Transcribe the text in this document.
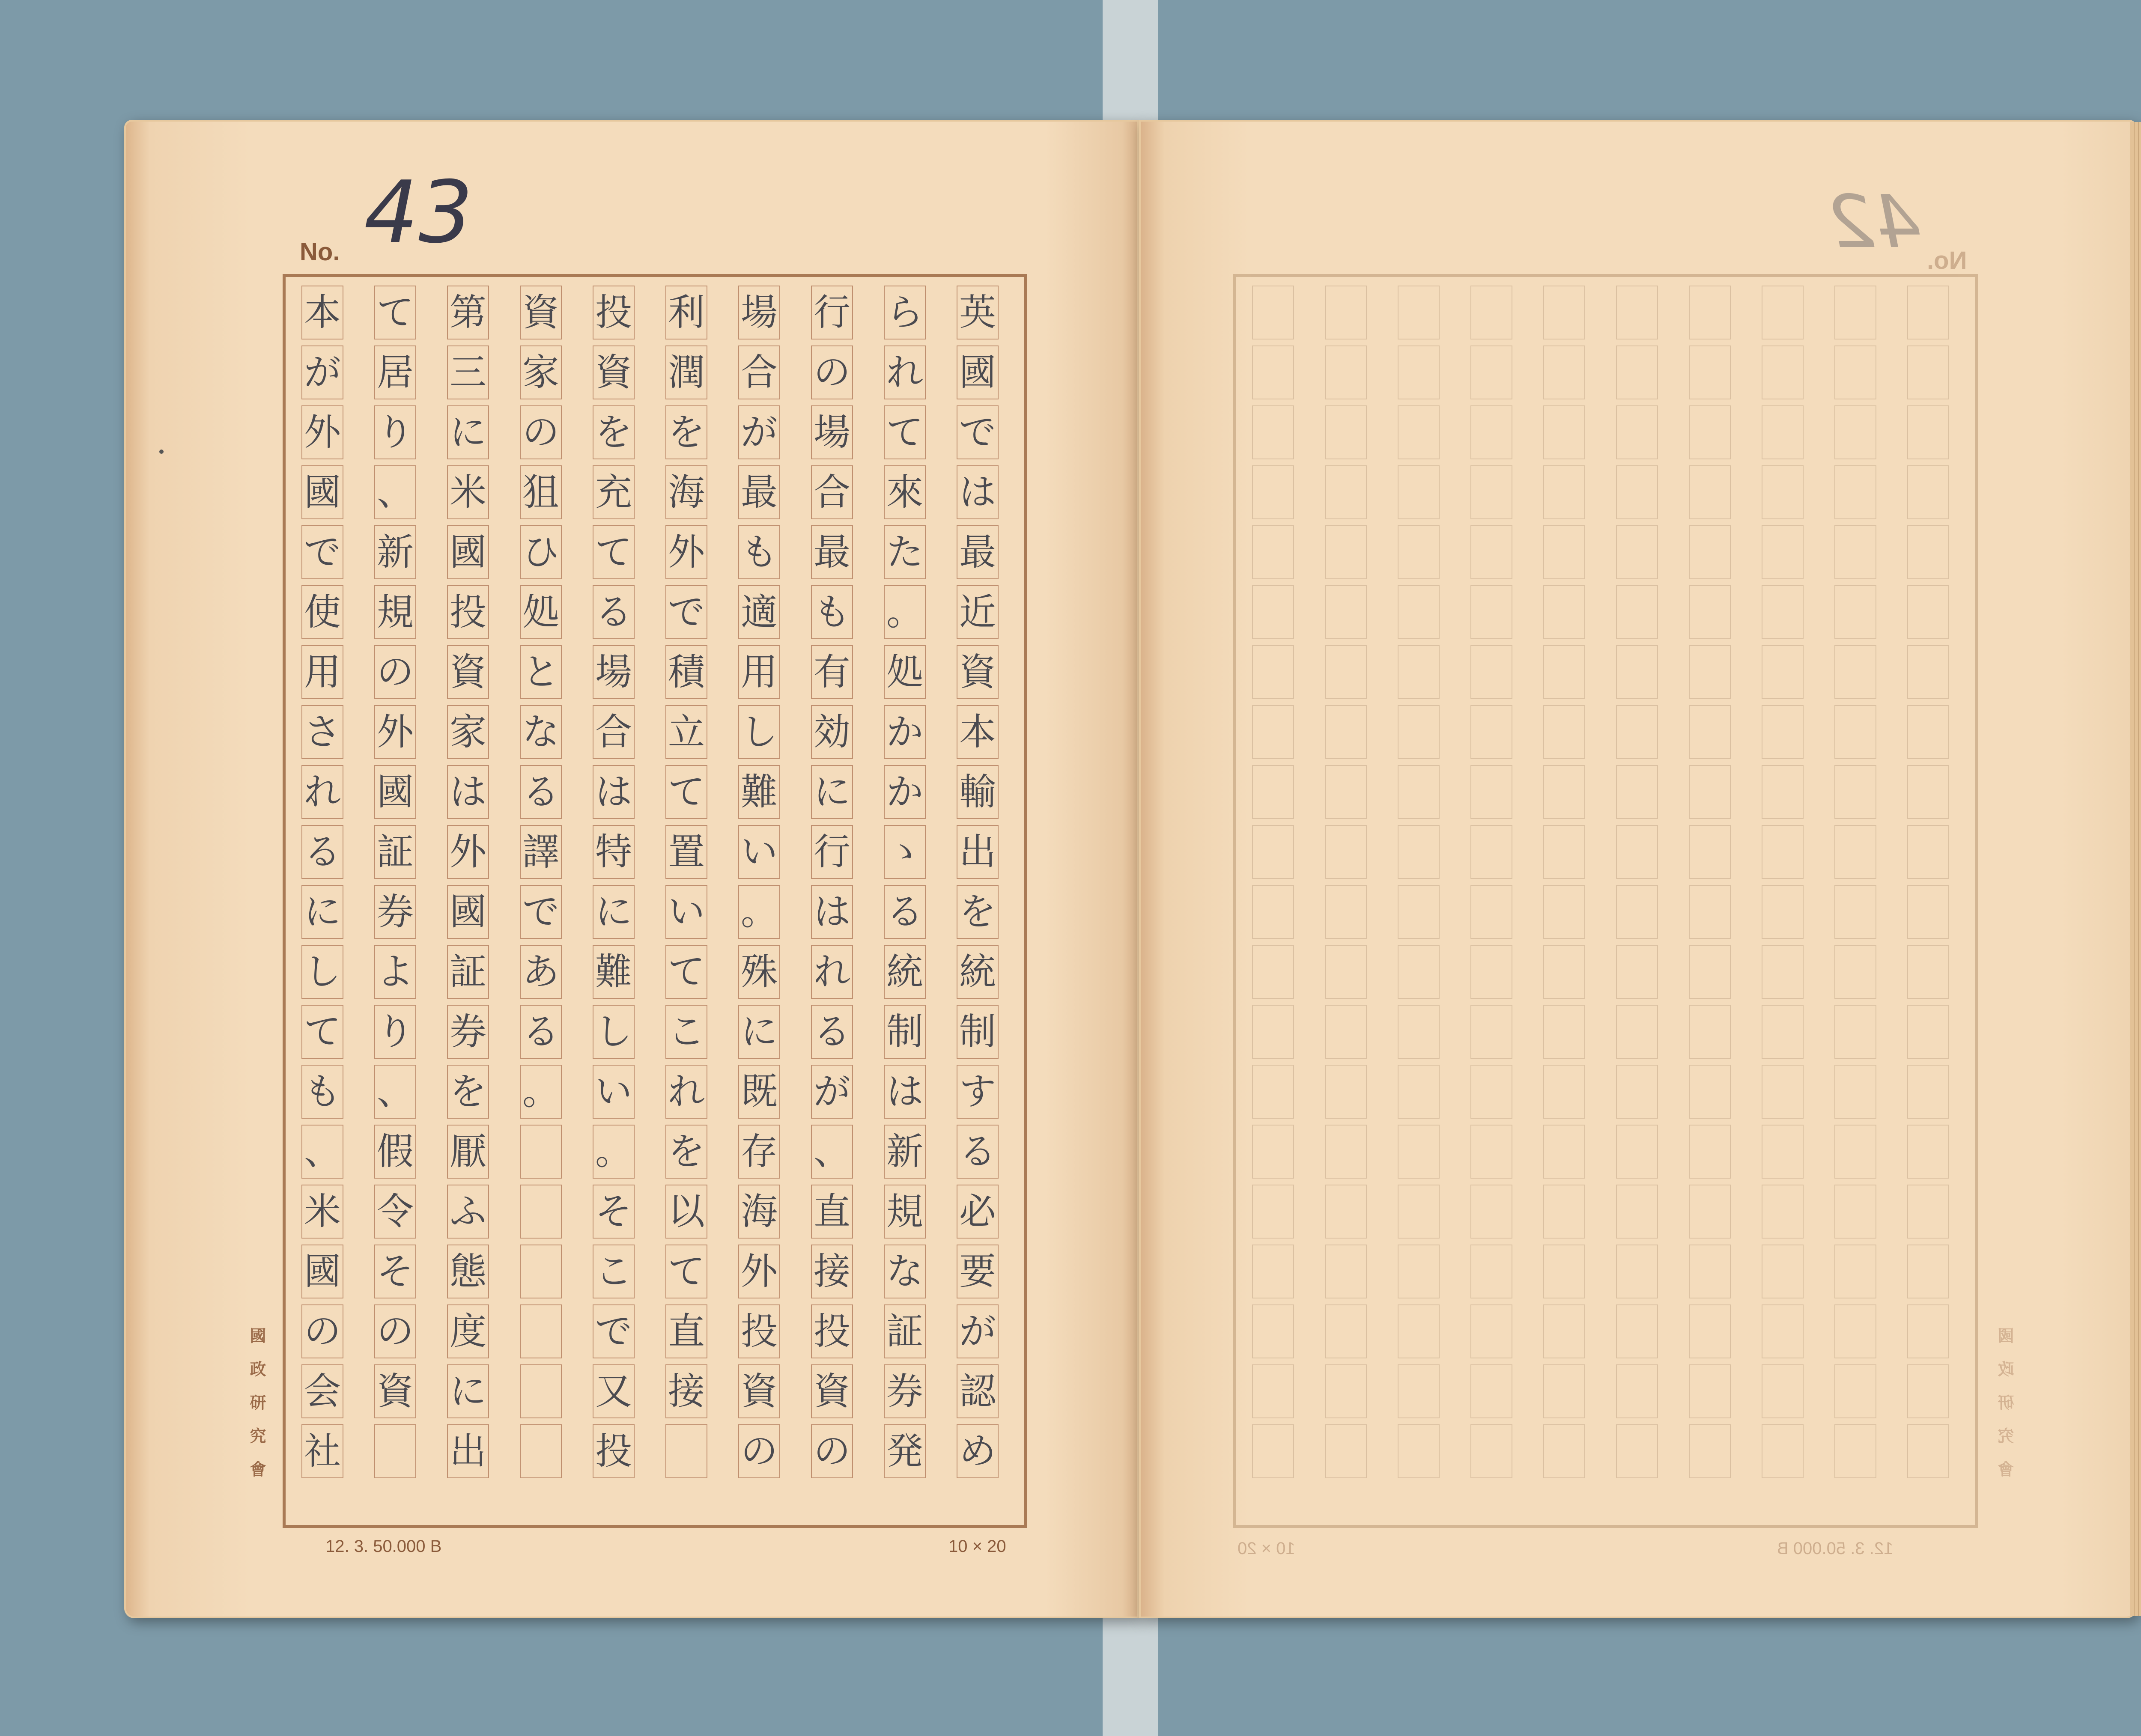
No. 43
英
國
で
は
最
近
資
本
輸
出
を
統
制
す
る
必
要
が
認
め
ら
れ
て
來
た
。
処
か
か
ゝ
る
統
制
は
新
規
な
証
券
発
行
の
場
合
最
も
有
効
に
行
は
れ
る
が
、
直
接
投
資
の
場
合
が
最
も
適
用
し
難
い
。
殊
に
既
存
海
外
投
資
の
利
潤
を
海
外
で
積
立
て
置
い
て
こ
れ
を
以
て
直
接
投
資
を
充
て
る
場
合
は
特
に
難
し
い
。
そ
こ
で
又
投
資
家
の
狙
ひ
処
と
な
る
譯
で
あ
る
。
第
三
に
米
國
投
資
家
は
外
國
証
券
を
厭
ふ
態
度
に
出
て
居
り
、
新
規
の
外
國
証
券
よ
り
、
假
令
そ
の
資
本
が
外
國
で
使
用
さ
れ
る
に
し
て
も
、
米
國
の
会
社
國政研究會
12. 3. 50.000 B	10 × 20
No.
42
國政研究會
12. 3. 50.000 B
10 × 20
